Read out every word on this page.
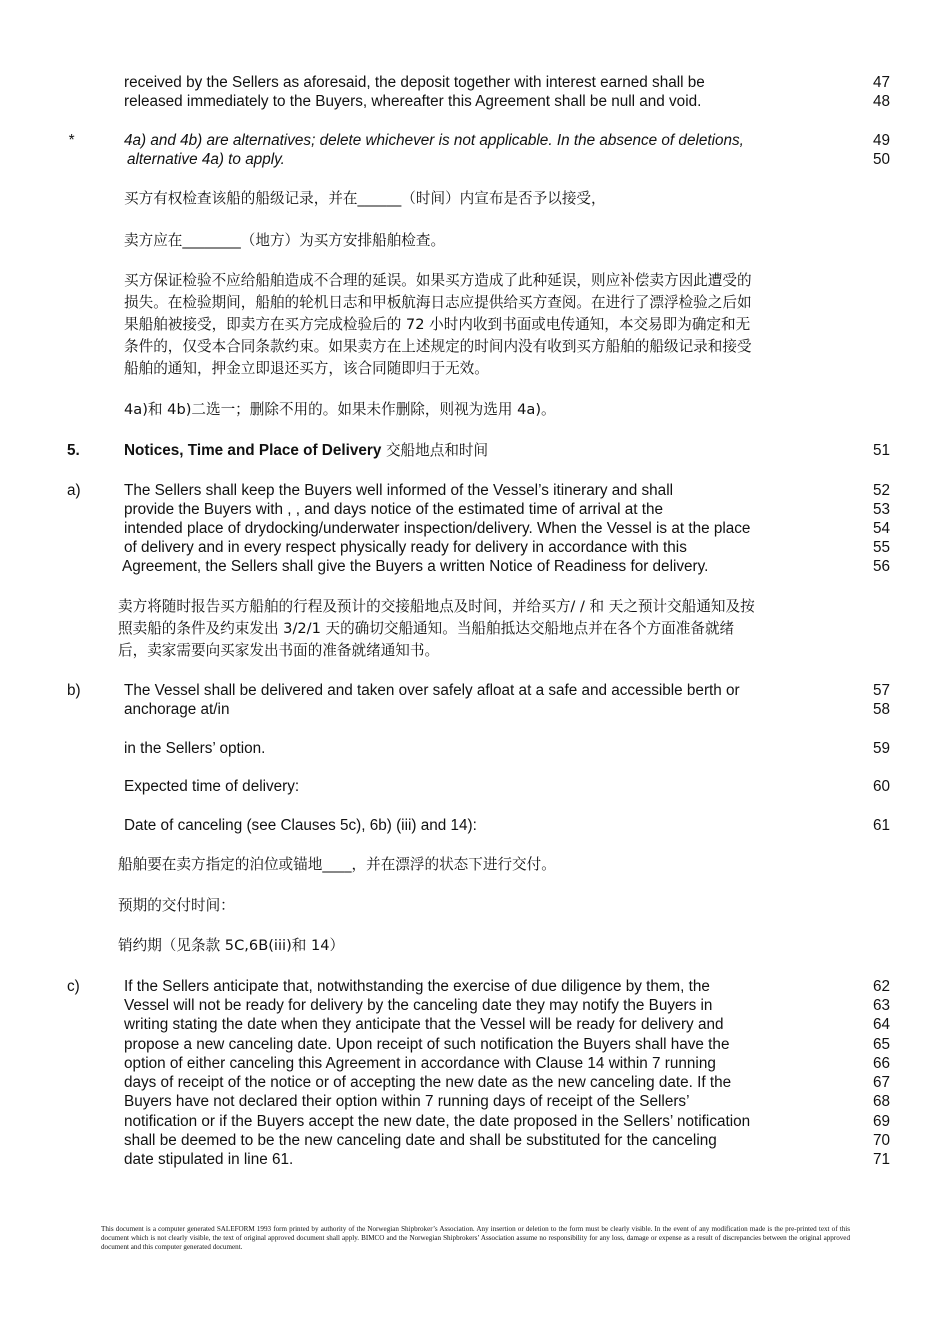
received by the Sellers as aforesaid, the deposit together with interest earned shall be	47
released immediately to the Buyers, whereafter this Agreement shall be null and void.	48
*	4a) and 4b) are alternatives; delete whichever is not applicable. In the absence of deletions,	49
alternative 4a) to apply.	50
买方有权检查该船的船级记录，并在______（时间）内宣布是否予以接受，
卖方应在________（地方）为买方安排船舶检查。
买方保证检验不应给船舶造成不合理的延误。如果买方造成了此种延误，则应补偿卖方因此遭受的
损失。在检验期间，船舶的轮机日志和甲板航海日志应提供给买方查阅。在进行了漂浮检验之后如
果船舶被接受，即卖方在买方完成检验后的 72 小时内收到书面或电传通知，本交易即为确定和无
条件的，仅受本合同条款约束。如果卖方在上述规定的时间内没有收到买方船舶的船级记录和接受
船舶的通知，押金立即退还买方，该合同随即归于无效。
4a)和 4b)二选一；删除不用的。如果未作删除，则视为选用 4a)。
5.	Notices, Time and Place of Delivery 交船地点和时间	51
a)	The Sellers shall keep the Buyers well informed of the Vessel’s itinerary and shall	52
provide the Buyers with , , and days notice of the estimated time of arrival at the	53
intended place of drydocking/underwater inspection/delivery. When the Vessel is at the place	54
of delivery and in every respect physically ready for delivery in accordance with this	55
Agreement, the Sellers shall give the Buyers a written Notice of Readiness for delivery.	56
卖方将随时报告买方船舶的行程及预计的交接船地点及时间，并给买方/ / 和 天之预计交船通知及按
照卖船的条件及约束发出 3/2/1 天的确切交船通知。当船舶抵达交船地点并在各个方面准备就绪
后，卖家需要向买家发出书面的准备就绪通知书。
b)	The Vessel shall be delivered and taken over safely afloat at a safe and accessible berth or	57
anchorage at/in	58
in the Sellers’ option.	59
Expected time of delivery:	60
Date of canceling (see Clauses 5c), 6b) (iii) and 14):	61
船舶要在卖方指定的泊位或锚地____，并在漂浮的状态下进行交付。
预期的交付时间：
销约期（见条款 5C,6B(iii)和 14）
c)	If the Sellers anticipate that, notwithstanding the exercise of due diligence by them, the	62
Vessel will not be ready for delivery by the canceling date they may notify the Buyers in	63
writing stating the date when they anticipate that the Vessel will be ready for delivery and	64
propose a new canceling date. Upon receipt of such notification the Buyers shall have the	65
option of either canceling this Agreement in accordance with Clause 14 within 7 running	66
days of receipt of the notice or of accepting the new date as the new canceling date. If the	67
Buyers have not declared their option within 7 running days of receipt of the Sellers’	68
notification or if the Buyers accept the new date, the date proposed in the Sellers’ notification	69
shall be deemed to be the new canceling date and shall be substituted for the canceling	70
date stipulated in line 61.	71
This document is a computer generated SALEFORM 1993 form printed by authority of the Norwegian Shipbroker’s Association. Any insertion or deletion to the form must be clearly visible. In the event of any modification made is the pre-printed text of this document which is not clearly visible, the text of original approved document shall apply. BIMCO and the Norwegian Shipbrokers’ Association assume no responsibility for any loss, damage or expense as a result of discrepancies between the original approved document and this computer generated document.
